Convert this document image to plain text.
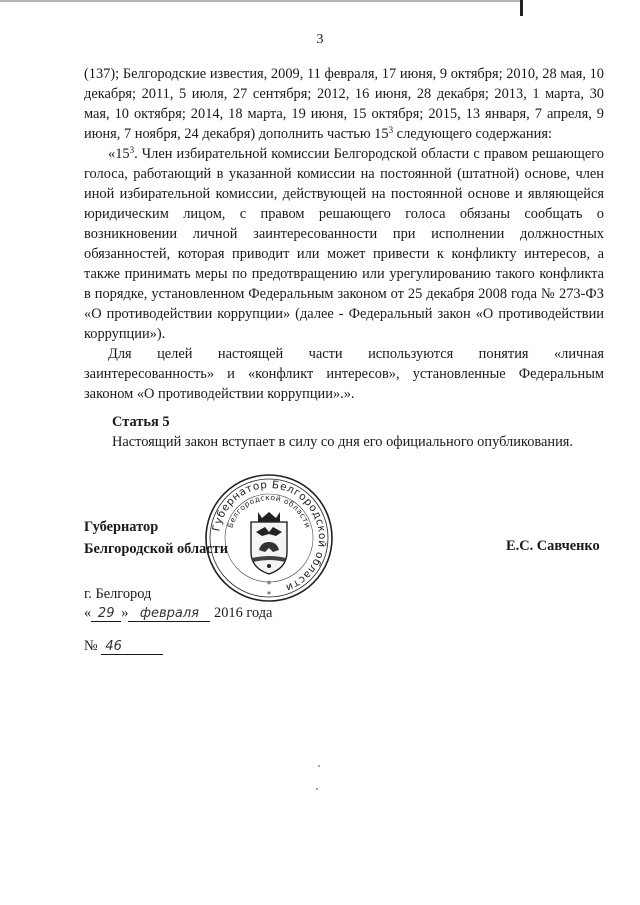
3

(137); Белгородские известия, 2009, 11 февраля, 17 июня, 9 октября; 2010, 28 мая, 10 декабря; 2011, 5 июля, 27 сентября; 2012, 16 июня, 28 декабря; 2013, 1 марта, 30 мая, 10 октября; 2014, 18 марта, 19 июня, 15 октября; 2015, 13 января, 7 апреля, 9 июня, 7 ноября, 24 декабря) дополнить частью $15^3$ следующего содержания:

«$15^3$. Член избирательной комиссии Белгородской области с правом решающего голоса, работающий в указанной комиссии на постоянной (штатной) основе, член иной избирательной комиссии, действующей на постоянной основе и являющейся юридическим лицом, с правом решающего голоса обязаны сообщать о возникновении личной заинтересованности при исполнении должностных обязанностей, которая приводит или может привести к конфликту интересов, а также принимать меры по предотвращению или урегулированию такого конфликта в порядке, установленном Федеральным законом от 25 декабря 2008 года № 273-ФЗ «О противодействии коррупции» (далее - Федеральный закон «О противодействии коррупции»).

Для целей настоящей части используются понятия «личная заинтересованность» и «конфликт интересов», установленные Федеральным законом «О противодействии коррупции».».

Статья 5
Настоящий закон вступает в силу со дня его официального опубликования.
Губернатор
Белгородской области
Губернатор Белгородской области
Белгородской области
*
*
Е.С. Савченко
г. Белгород
« 29 » февраля 2016 года
№ 46
